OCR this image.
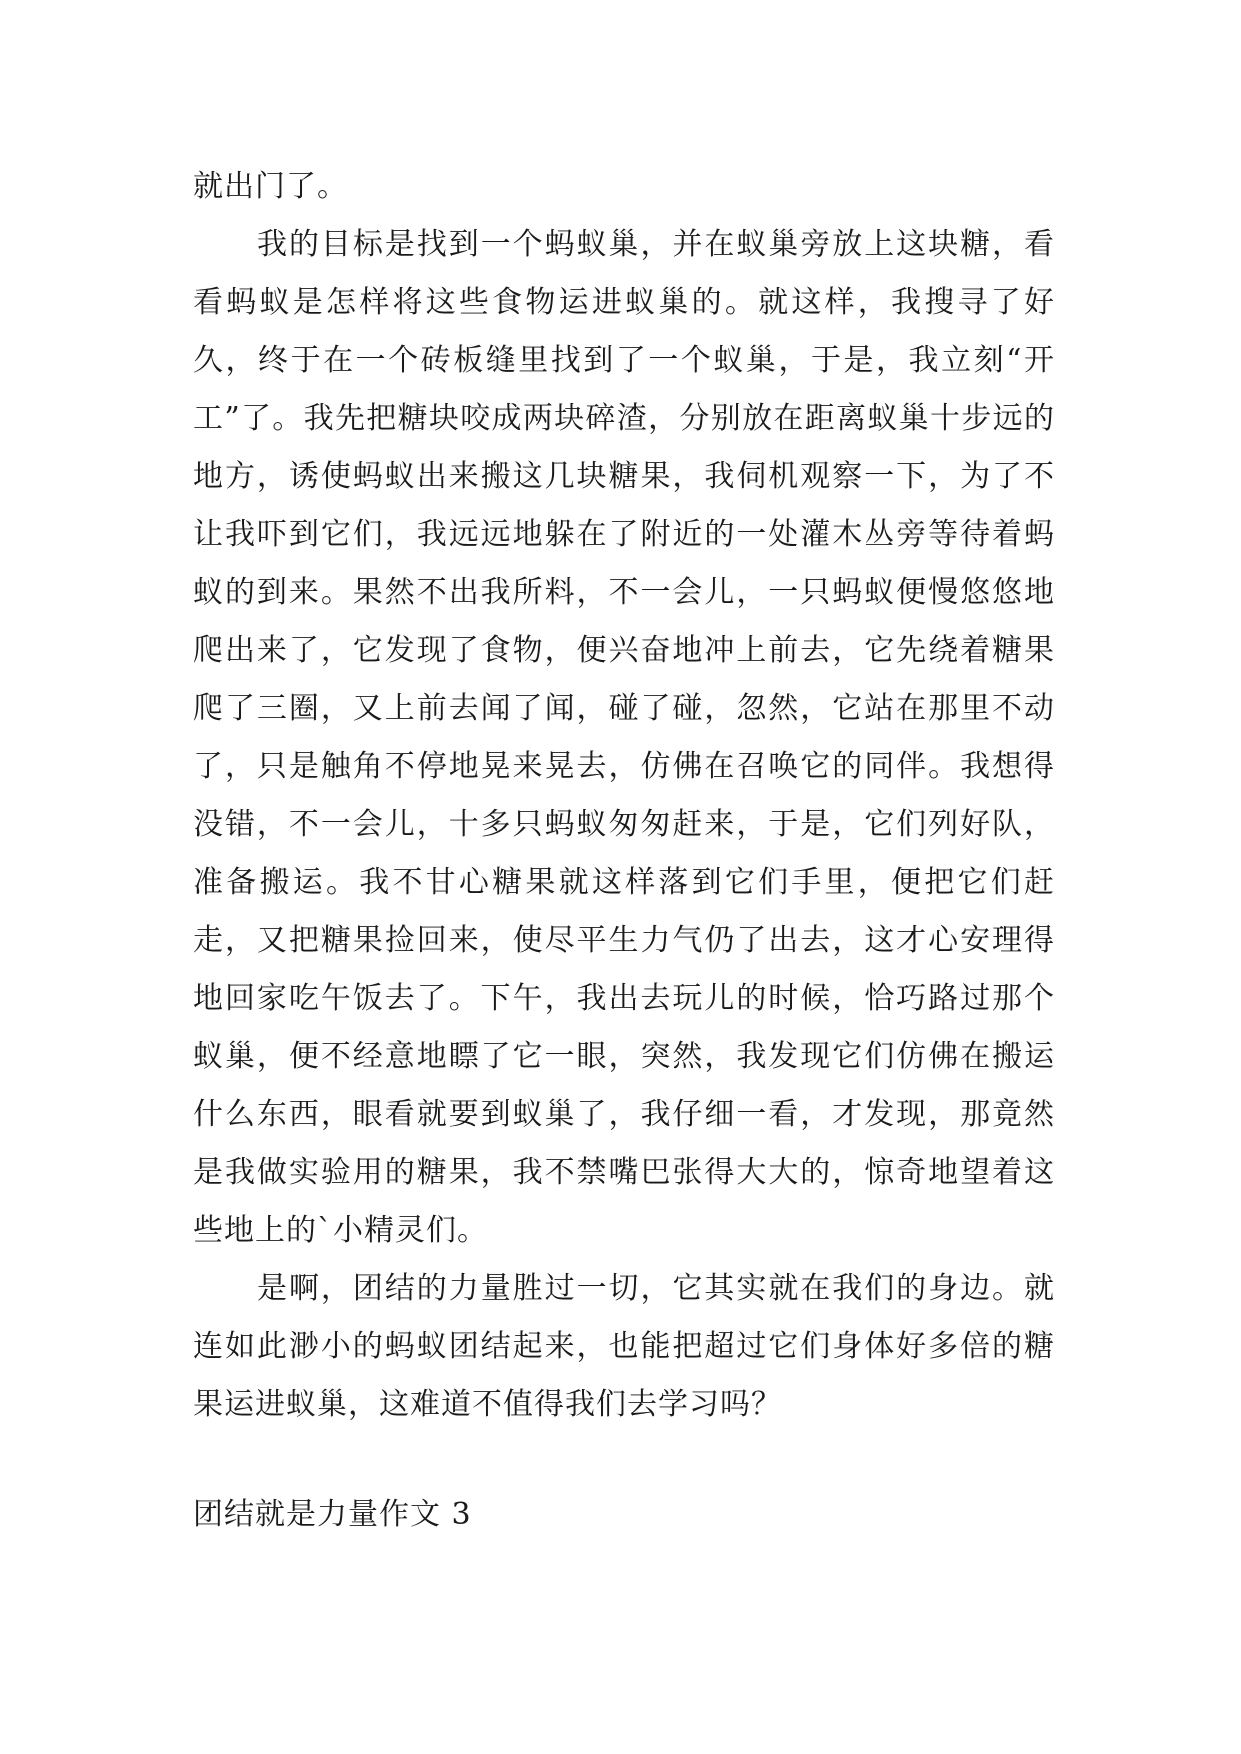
就出门了。

我的目标是找到一个蚂蚁巢，并在蚁巢旁放上这块糖，看看蚂蚁是怎样将这些食物运进蚁巢的。就这样，我搜寻了好久，终于在一个砖板缝里找到了一个蚁巢，于是，我立刻“开工”了。我先把糖块咬成两块碎渣，分别放在距离蚁巢十步远的地方，诱使蚂蚁出来搬这几块糖果，我伺机观察一下，为了不让我吓到它们，我远远地躲在了附近的一处灌木丛旁等待着蚂蚁的到来。果然不出我所料，不一会儿，一只蚂蚁便慢悠悠地爬出来了，它发现了食物，便兴奋地冲上前去，它先绕着糖果爬了三圈，又上前去闻了闻，碰了碰，忽然，它站在那里不动了，只是触角不停地晃来晃去，仿佛在召唤它的同伴。我想得没错，不一会儿，十多只蚂蚁匆匆赶来，于是，它们列好队，准备搬运。我不甘心糖果就这样落到它们手里，便把它们赶走，又把糖果捡回来，使尽平生力气仍了出去，这才心安理得地回家吃午饭去了。下午，我出去玩儿的时候，恰巧路过那个蚁巢，便不经意地瞟了它一眼，突然，我发现它们仿佛在搬运什么东西，眼看就要到蚁巢了，我仔细一看，才发现，那竟然是我做实验用的糖果，我不禁嘴巴张得大大的，惊奇地望着这些地上的`小精灵们。

是啊，团结的力量胜过一切，它其实就在我们的身边。就连如此渺小的蚂蚁团结起来，也能把超过它们身体好多倍的糖果运进蚁巢，这难道不值得我们去学习吗？

团结就是力量作文 3
